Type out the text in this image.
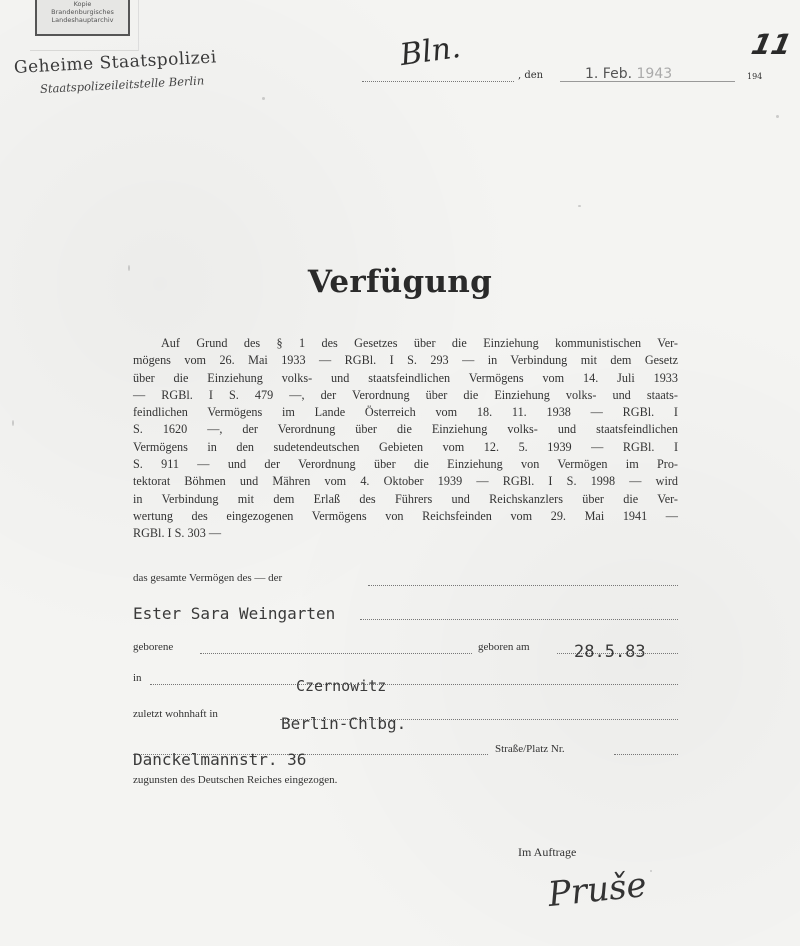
Kopie
Brandenburgisches
Landeshauptarchiv
Geheime Staatspolizei
Staatspolizeileitstelle Berlin
Bln.
, den	1. Feb. 1943	194
11
Verfügung
Auf Grund des § 1 des Gesetzes über die Einziehung kommunistischen Ver-
mögens vom 26. Mai 1933 — RGBl. I S. 293 — in Verbindung mit dem Gesetz
über die Einziehung volks- und staatsfeindlichen Vermögens vom 14. Juli 1933
— RGBl. I S. 479 —, der Verordnung über die Einziehung volks- und staats-
feindlichen Vermögens im Lande Österreich vom 18. 11. 1938 — RGBl. I
S. 1620 —, der Verordnung über die Einziehung volks- und staatsfeindlichen
Vermögens in den sudetendeutschen Gebieten vom 12. 5. 1939 — RGBl. I
S. 911 — und der Verordnung über die Einziehung von Vermögen im Pro-
tektorat Böhmen und Mähren vom 4. Oktober 1939 — RGBl. I S. 1998 — wird
in Verbindung mit dem Erlaß des Führers und Reichskanzlers über die Ver-
wertung des eingezogenen Vermögens von Reichsfeinden vom 29. Mai 1941 —
RGBl. I S. 303 —
das gesamte Vermögen des — der
Ester Sara Weingarten
geborene	geboren am	28.5.83
in	Czernowitz
zuletzt wohnhaft in	Berlin-Chlbg.
Straße/Platz Nr.
Danckelmannstr. 36
zugunsten des Deutschen Reiches eingezogen.
Im Auftrage
Pruše
